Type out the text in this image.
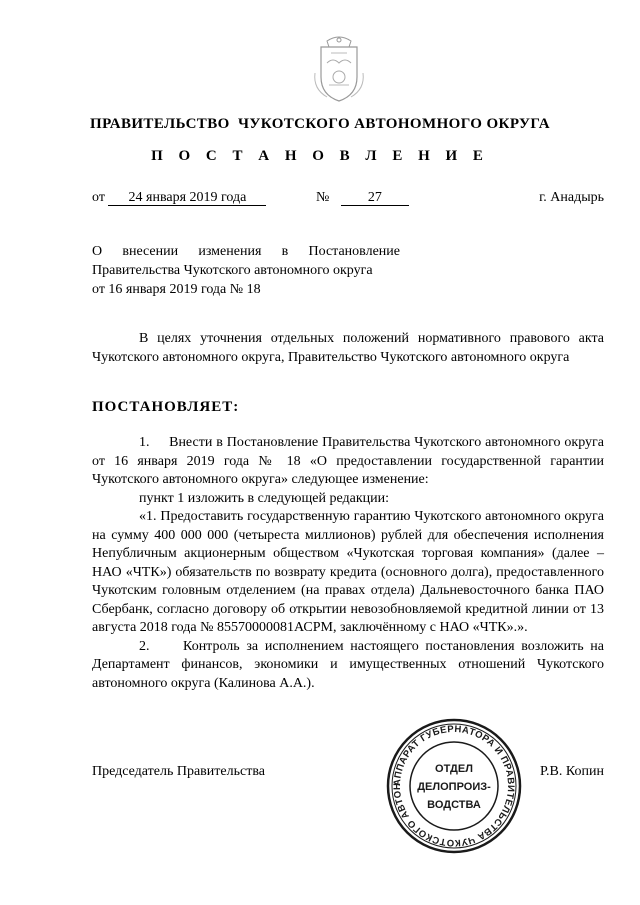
ПРАВИТЕЛЬСТВО  ЧУКОТСКОГО АВТОНОМНОГО ОКРУГА
П О С Т А Н О В Л Е Н И Е
от 24 января 2019 года	№	27	г. Анадырь
О внесении изменения в Постановление
Правительства Чукотского автономного округа
от 16 января 2019 года № 18
В целях уточнения отдельных положений нормативного правового акта Чукотского автономного округа, Правительство Чукотского автономного округа
ПОСТАНОВЛЯЕТ:
1.     Внести в Постановление Правительства Чукотского автономного округа от 16 января 2019 года № 18 «О предоставлении государственной гарантии Чукотского автономного округа» следующее изменение:
пункт 1 изложить в следующей редакции:
«1. Предоставить государственную гарантию Чукотского автономного округа на сумму 400 000 000 (четыреста миллионов) рублей для обеспечения исполнения Непубличным акционерным обществом «Чукотская торговая компания» (далее – НАО «ЧТК») обязательств по возврату кредита (основного долга), предоставленного Чукотским головным отделением (на правах отдела) Дальневосточного банка ПАО Сбербанк, согласно договору об открытии невозобновляемой кредитной линии от 13 августа 2018 года № 85570000081АСРМ, заключённому с НАО «ЧТК».».
2.     Контроль за исполнением настоящего постановления возложить на Департамент финансов, экономики и имущественных отношений Чукотского автономного округа (Калинова А.А.).
Председатель Правительства	Р.В. Копин
АППАРАТ ГУБЕРНАТОРА И ПРАВИТЕЛЬСТВА ЧУКОТСКОГО АВТОН
ОТДЕЛ
ДЕЛОПРОИЗ-
ВОДСТВА
